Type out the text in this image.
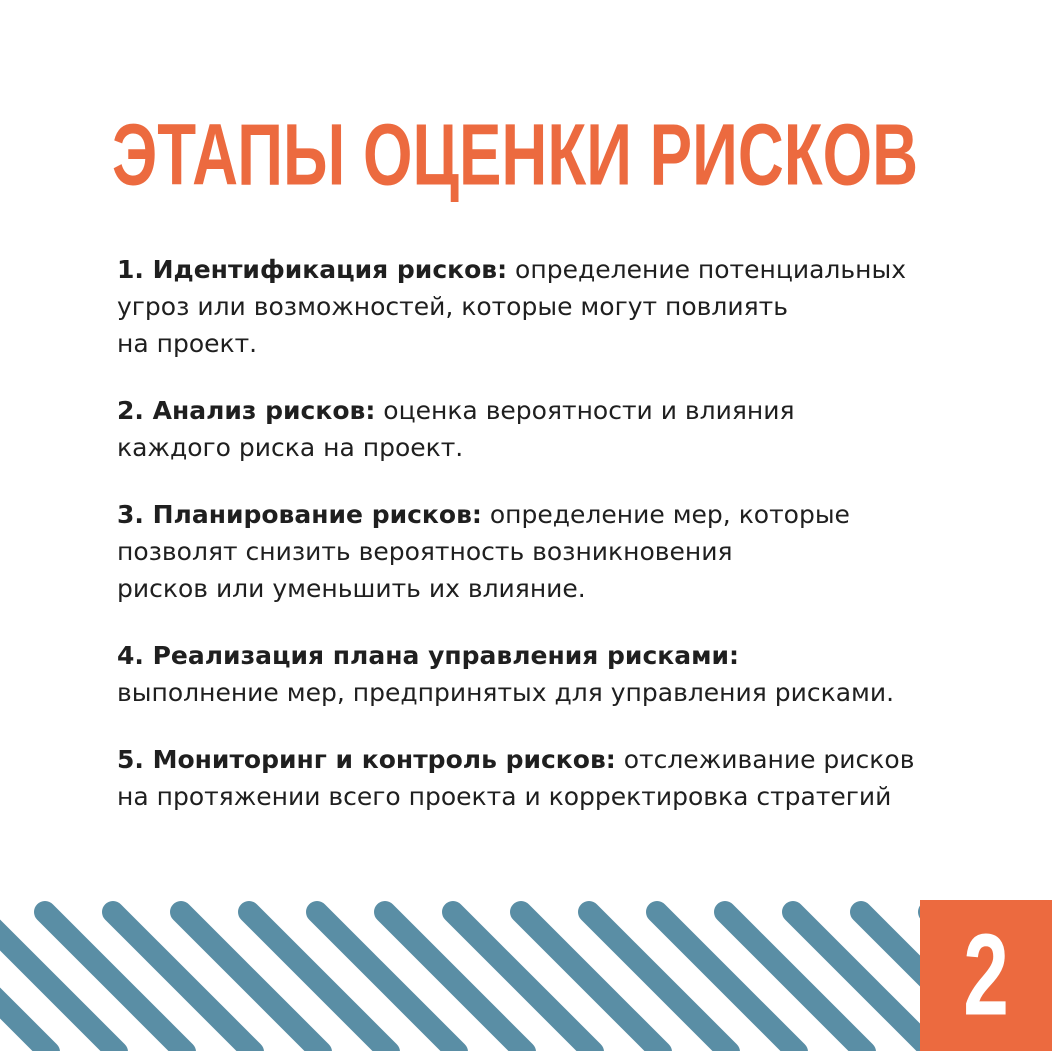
ЭТАПЫ ОЦЕНКИ РИСКОВ

1. Идентификация рисков: определение потенциальных
угроз или возможностей, которые могут повлиять
на проект.

2. Анализ рисков: оценка вероятности и влияния
каждого риска на проект.

3. Планирование рисков: определение мер, которые
позволят снизить вероятность возникновения
рисков или уменьшить их влияние.

4. Реализация плана управления рисками:
выполнение мер, предпринятых для управления рисками.

5. Мониторинг и контроль рисков: отслеживание рисков
на протяжении всего проекта и корректировка стратегий

2
